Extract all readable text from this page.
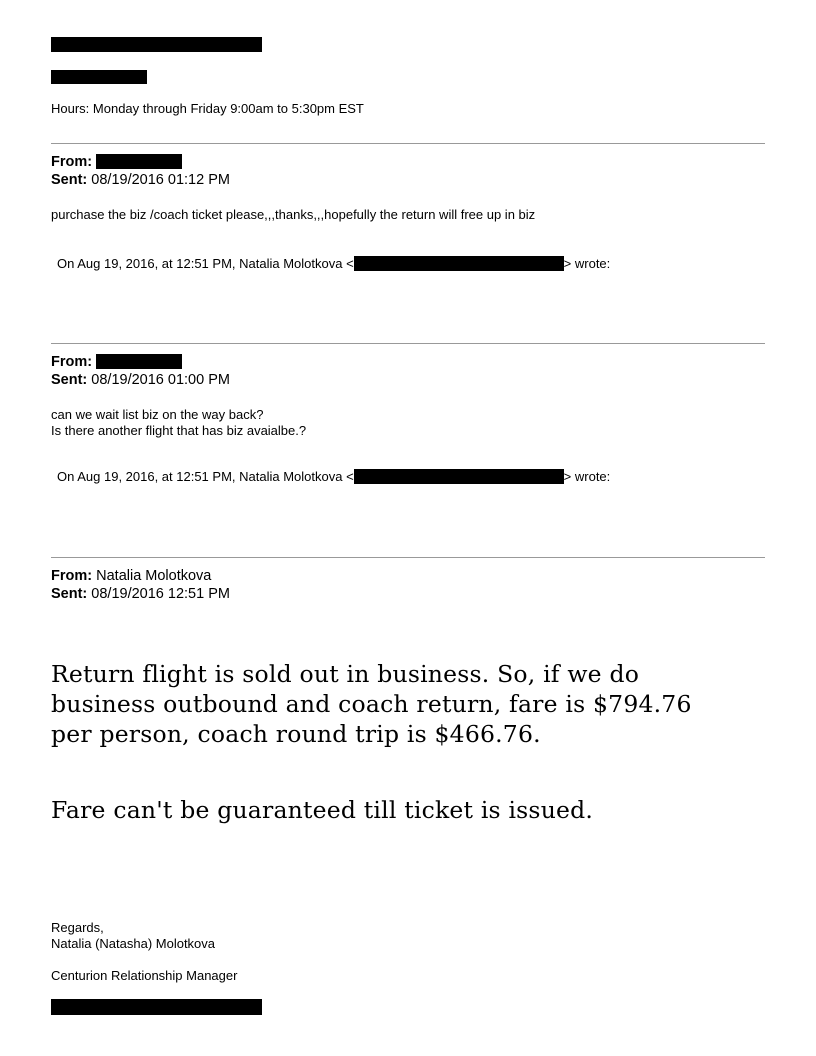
Hours: Monday through Friday 9:00am to 5:30pm EST
From:
Sent: 08/19/2016 01:12 PM
purchase the biz /coach ticket please,,,thanks,,,hopefully the return will free up in biz
On Aug 19, 2016, at 12:51 PM, Natalia Molotkova <	> wrote:
From:
Sent: 08/19/2016 01:00 PM
can we wait list biz on the way back?
Is there another flight that has biz avaialbe.?
On Aug 19, 2016, at 12:51 PM, Natalia Molotkova <	> wrote:
From: Natalia Molotkova
Sent: 08/19/2016 12:51 PM
Return flight is sold out in business. So, if we do
business outbound and coach return, fare is $794.76
per person, coach round trip is $466.76.
Fare can't be guaranteed till ticket is issued.
Regards,
Natalia (Natasha) Molotkova
Centurion Relationship Manager
